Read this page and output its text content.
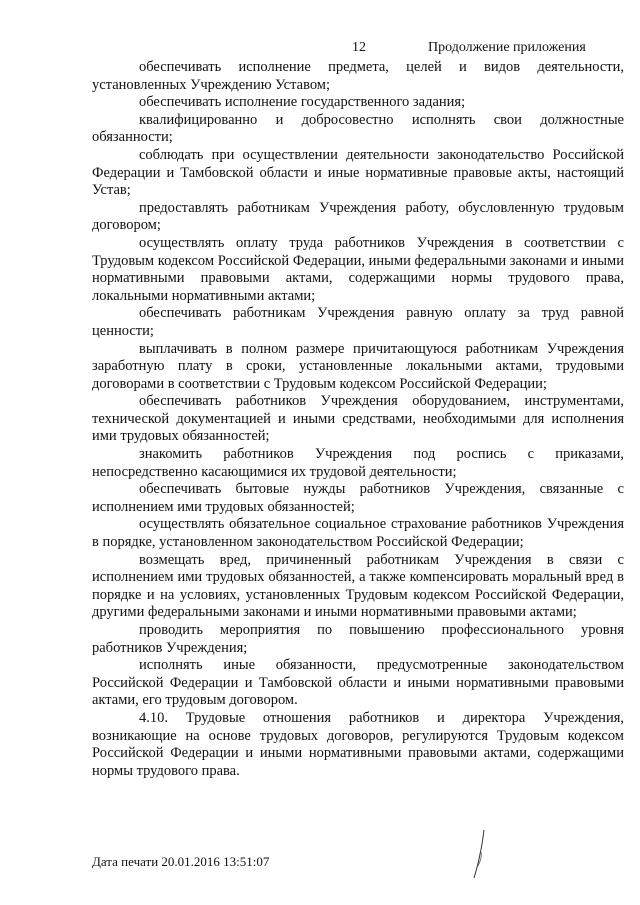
12	Продолжение приложения

обеспечивать исполнение предмета, целей и видов деятельности, установленных Учреждению Уставом;

обеспечивать исполнение государственного задания;

квалифицированно и добросовестно исполнять свои должностные обязанности;

соблюдать при осуществлении деятельности законодательство Российской Федерации и Тамбовской области и иные нормативные правовые акты, настоящий Устав;

предоставлять работникам Учреждения работу, обусловленную трудовым договором;

осуществлять оплату труда работников Учреждения в соответствии с Трудовым кодексом Российской Федерации, иными федеральными законами и иными нормативными правовыми актами, содержащими нормы трудового права, локальными нормативными актами;

обеспечивать работникам Учреждения равную оплату за труд равной ценности;

выплачивать в полном размере причитающуюся работникам Учреждения заработную плату в сроки, установленные локальными актами, трудовыми договорами в соответствии с Трудовым кодексом Российской Федерации;

обеспечивать работников Учреждения оборудованием, инструментами, технической документацией и иными средствами, необходимыми для исполнения ими трудовых обязанностей;

знакомить работников Учреждения под роспись с приказами, непосредственно касающимися их трудовой деятельности;

обеспечивать бытовые нужды работников Учреждения, связанные с исполнением ими трудовых обязанностей;

осуществлять обязательное социальное страхование работников Учреждения в порядке, установленном законодательством Российской Федерации;

возмещать вред, причиненный работникам Учреждения в связи с исполнением ими трудовых обязанностей, а также компенсировать моральный вред в порядке и на условиях, установленных Трудовым кодексом Российской Федерации, другими федеральными законами и иными нормативными правовыми актами;

проводить мероприятия по повышению профессионального уровня работников Учреждения;

исполнять иные обязанности, предусмотренные законодательством Российской Федерации и Тамбовской области и иными нормативными правовыми актами, его трудовым договором.

4.10. Трудовые отношения работников и директора Учреждения, возникающие на основе трудовых договоров, регулируются Трудовым кодексом Российской Федерации и иными нормативными правовыми актами, содержащими нормы трудового права.

Дата печати 20.01.2016 13:51:07
